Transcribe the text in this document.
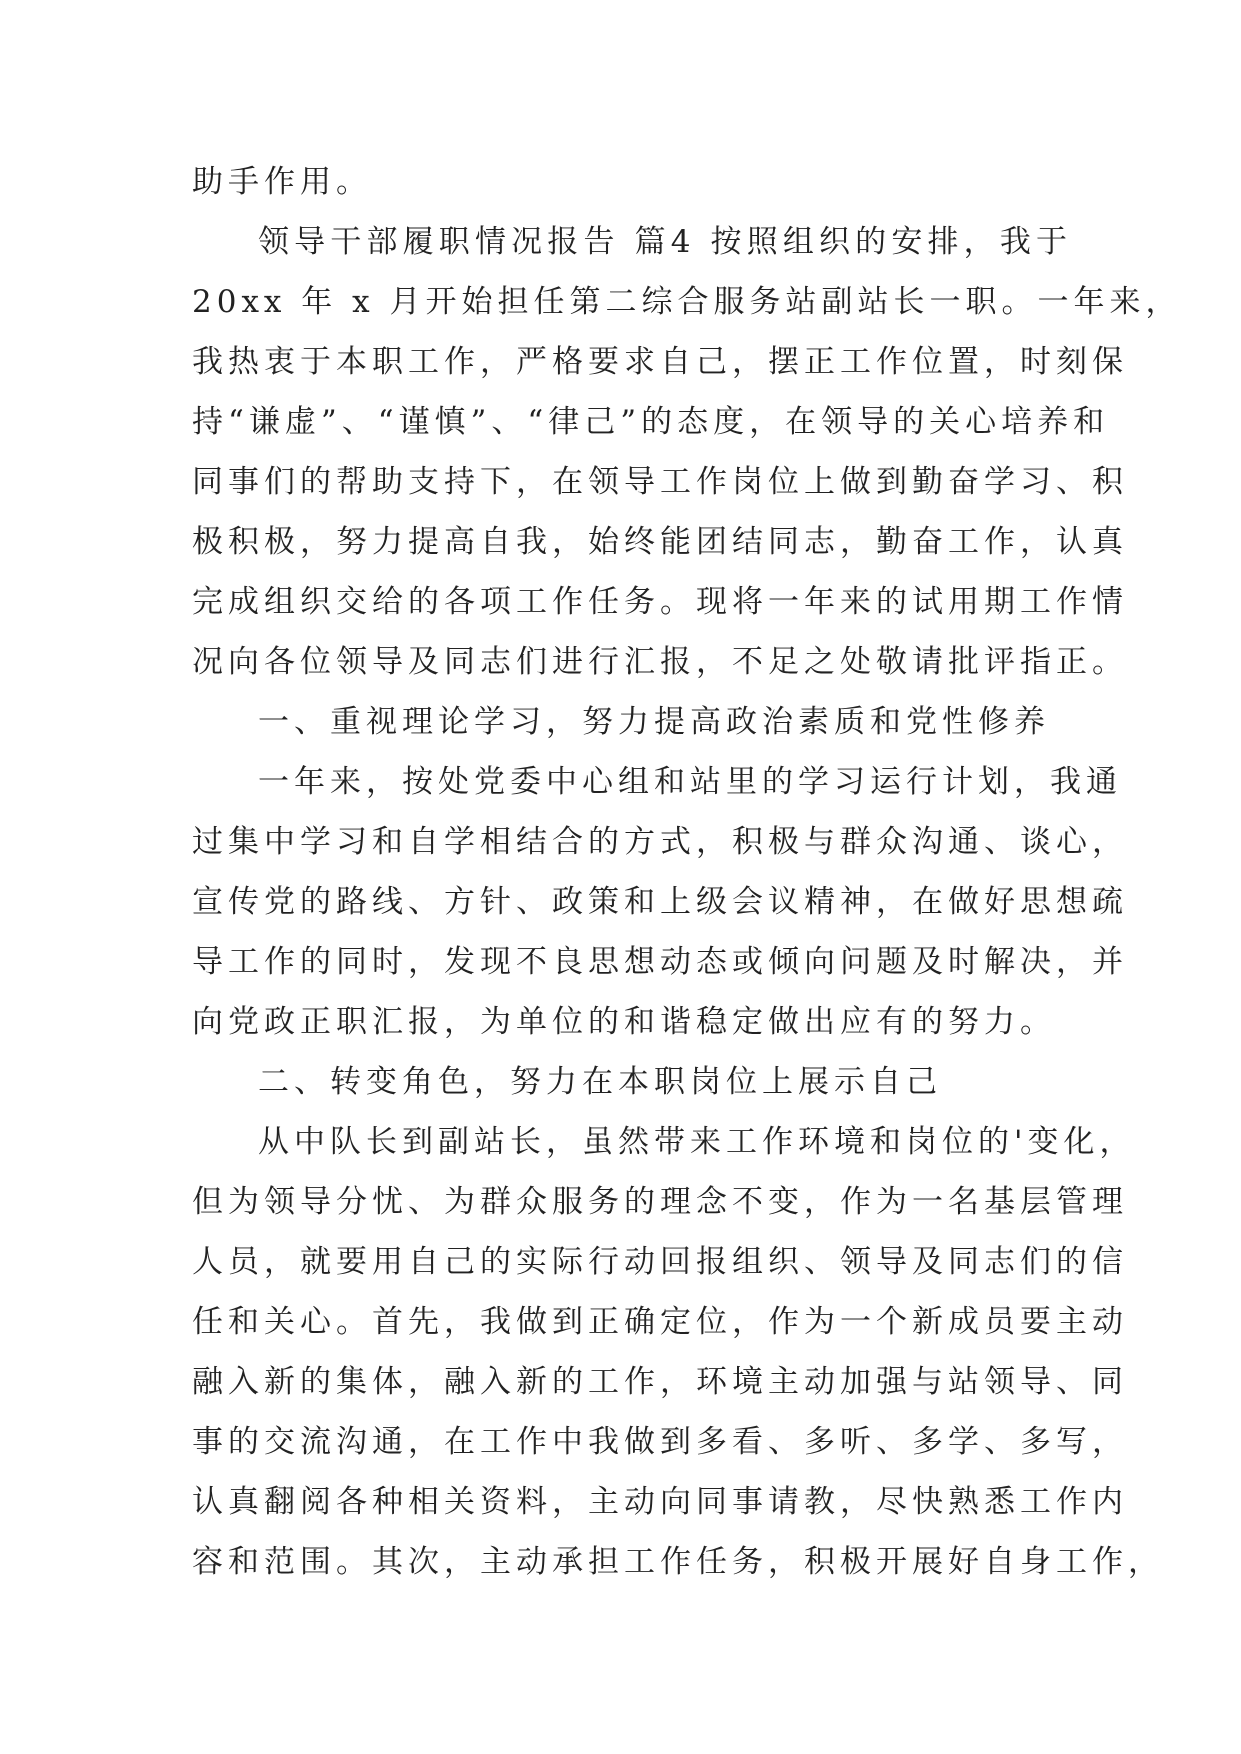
助手作用。
领导干部履职情况报告 篇4 按照组织的安排，我于
20xx 年 x 月开始担任第二综合服务站副站长一职。一年来，
我热衷于本职工作，严格要求自己，摆正工作位置，时刻保
持“谦虚”、“谨慎”、“律己”的态度，在领导的关心培养和
同事们的帮助支持下，在领导工作岗位上做到勤奋学习、积
极积极，努力提高自我，始终能团结同志，勤奋工作，认真
完成组织交给的各项工作任务。现将一年来的试用期工作情
况向各位领导及同志们进行汇报，不足之处敬请批评指正。
一、重视理论学习，努力提高政治素质和党性修养
一年来，按处党委中心组和站里的学习运行计划，我通
过集中学习和自学相结合的方式，积极与群众沟通、谈心，
宣传党的路线、方针、政策和上级会议精神，在做好思想疏
导工作的同时，发现不良思想动态或倾向问题及时解决，并
向党政正职汇报，为单位的和谐稳定做出应有的努力。
二、转变角色，努力在本职岗位上展示自己
从中队长到副站长，虽然带来工作环境和岗位的'变化，
但为领导分忧、为群众服务的理念不变，作为一名基层管理
人员，就要用自己的实际行动回报组织、领导及同志们的信
任和关心。首先，我做到正确定位，作为一个新成员要主动
融入新的集体，融入新的工作，环境主动加强与站领导、同
事的交流沟通，在工作中我做到多看、多听、多学、多写，
认真翻阅各种相关资料，主动向同事请教，尽快熟悉工作内
容和范围。其次，主动承担工作任务，积极开展好自身工作，
